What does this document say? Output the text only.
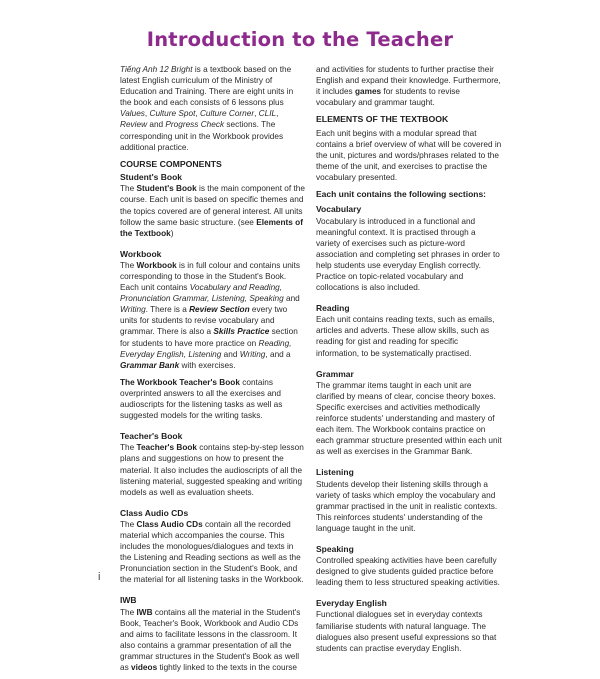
Introduction to the Teacher

Tiếng Anh 12 Bright is a textbook based on the latest English curriculum of the Ministry of Education and Training. There are eight units in the book and each consists of 6 lessons plus Values, Culture Spot, Culture Corner, CLIL, Review and Progress Check sections. The corresponding unit in the Workbook provides additional practice.

COURSE COMPONENTS
Student's Book

The Student's Book is the main component of the course. Each unit is based on specific themes and the topics covered are of general interest. All units follow the same basic structure. (see Elements of the Textbook)

Workbook

The Workbook is in full colour and contains units corresponding to those in the Student's Book. Each unit contains Vocabulary and Reading, Pronunciation Grammar, Listening, Speaking and Writing. There is a Review Section every two units for students to revise vocabulary and grammar. There is also a Skills Practice section for students to have more practice on Reading, Everyday English, Listening and Writing, and a Grammar Bank with exercises.

The Workbook Teacher's Book contains overprinted answers to all the exercises and audioscripts for the listening tasks as well as suggested models for the writing tasks.

Teacher's Book

The Teacher's Book contains step-by-step lesson plans and suggestions on how to present the material. It also includes the audioscripts of all the listening material, suggested speaking and writing models as well as evaluation sheets.

Class Audio CDs

The Class Audio CDs contain all the recorded material which accompanies the course. This includes the monologues/dialogues and texts in the Listening and Reading sections as well as the Pronunciation section in the Student's Book, and the material for all listening tasks in the Workbook.

IWB

The IWB contains all the material in the Student's Book, Teacher's Book, Workbook and Audio CDs and aims to facilitate lessons in the classroom. It also contains a grammar presentation of all the grammar structures in the Student's Book as well as videos tightly linked to the texts in the course

and activities for students to further practise their English and expand their knowledge. Furthermore, it includes games for students to revise vocabulary and grammar taught.

ELEMENTS OF THE TEXTBOOK

Each unit begins with a modular spread that contains a brief overview of what will be covered in the unit, pictures and words/phrases related to the theme of the unit, and exercises to practise the vocabulary presented.

Each unit contains the following sections:
Vocabulary

Vocabulary is introduced in a functional and meaningful context. It is practised through a variety of exercises such as picture-word association and completing set phrases in order to help students use everyday English correctly. Practice on topic-related vocabulary and collocations is also included.

Reading

Each unit contains reading texts, such as emails, articles and adverts. These allow skills, such as reading for gist and reading for specific information, to be systematically practised.

Grammar

The grammar items taught in each unit are clarified by means of clear, concise theory boxes. Specific exercises and activities methodically reinforce students' understanding and mastery of each item. The Workbook contains practice on each grammar structure presented within each unit as well as exercises in the Grammar Bank.

Listening

Students develop their listening skills through a variety of tasks which employ the vocabulary and grammar practised in the unit in realistic contexts. This reinforces students' understanding of the language taught in the unit.

Speaking

Controlled speaking activities have been carefully designed to give students guided practice before leading them to less structured speaking activities.

Everyday English

Functional dialogues set in everyday contexts familiarise students with natural language. The dialogues also present useful expressions so that students can practise everyday English.

i
